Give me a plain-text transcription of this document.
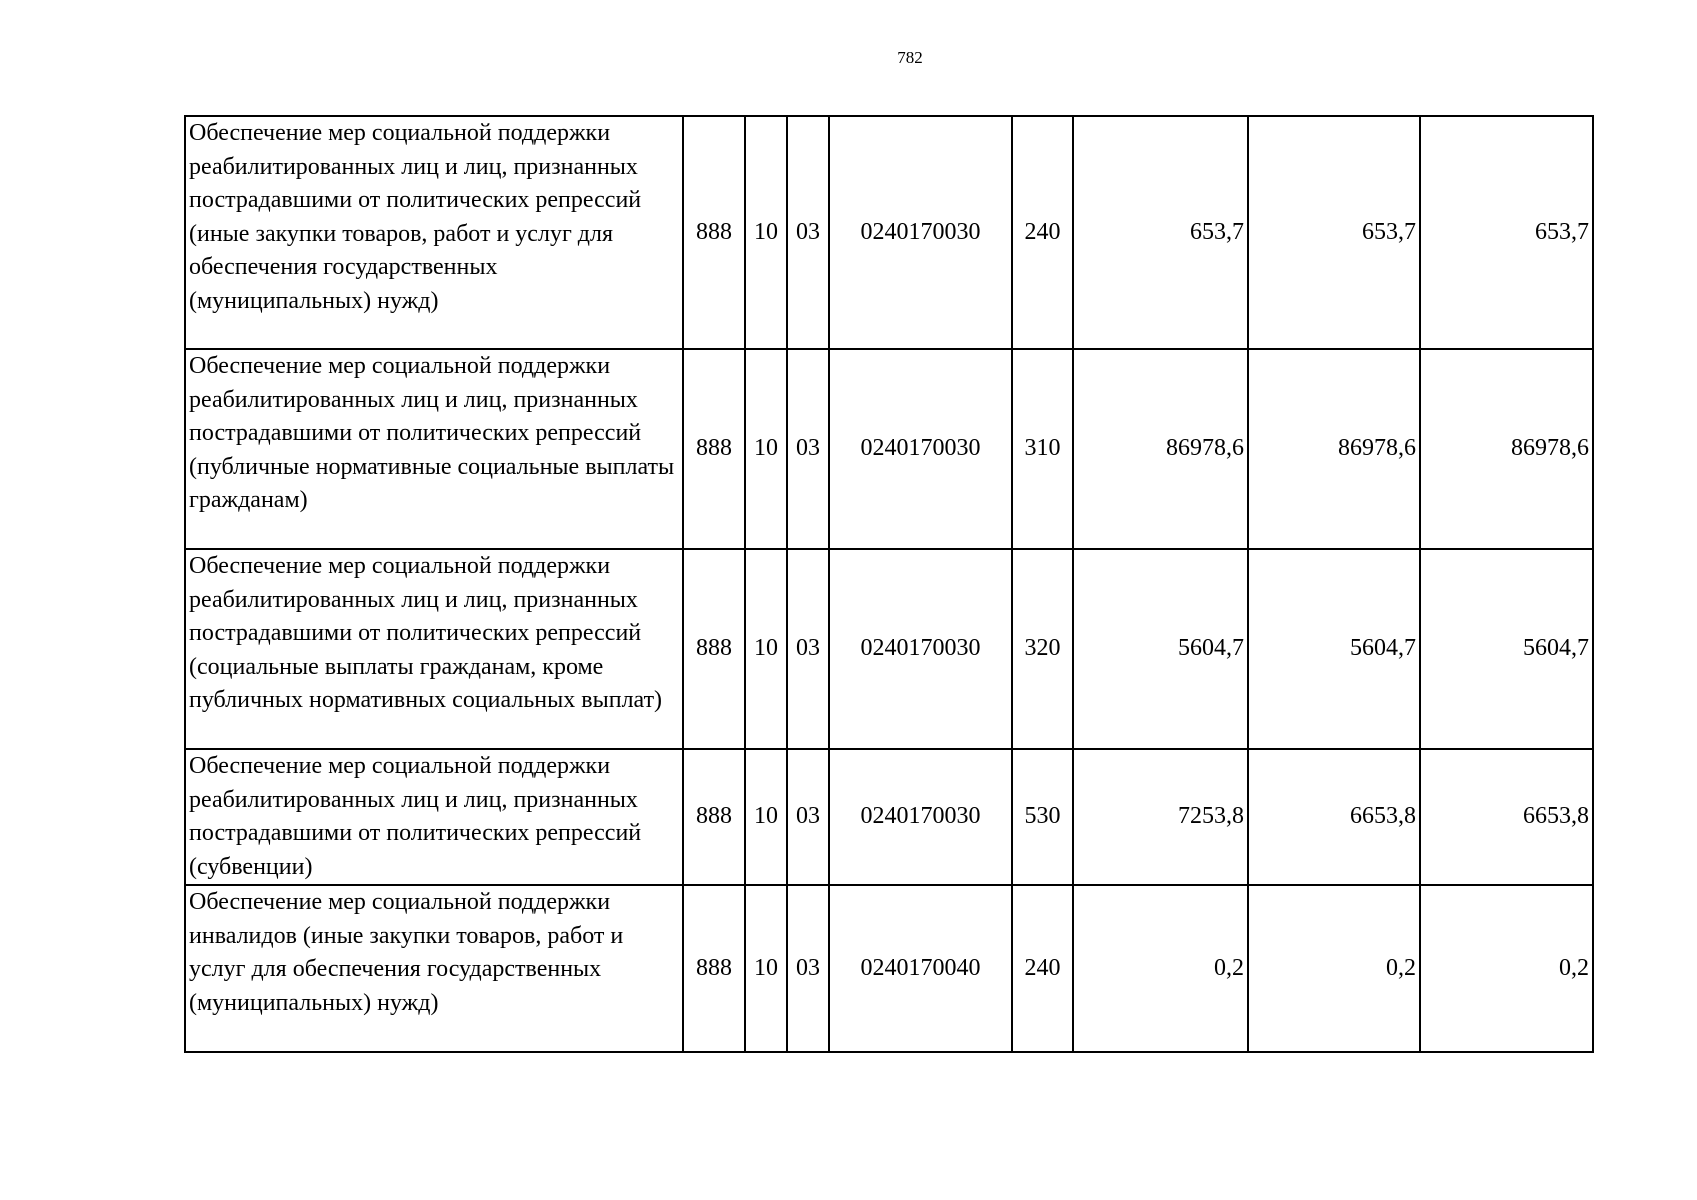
782
Обеспечение мер социальной поддержки реабилитированных лиц и лиц, признанных пострадавшими от политических репрессий (иные закупки товаров, работ и услуг для обеспечения государственных (муниципальных) нужд)	888	10	03	0240170030	240	653,7	653,7	653,7
Обеспечение мер социальной поддержки реабилитированных лиц и лиц, признанных пострадавшими от политических репрессий (публичные нормативные социальные выплаты гражданам)	888	10	03	0240170030	310	86978,6	86978,6	86978,6
Обеспечение мер социальной поддержки реабилитированных лиц и лиц, признанных пострадавшими от политических репрессий (социальные выплаты гражданам, кроме публичных нормативных социальных выплат)	888	10	03	0240170030	320	5604,7	5604,7	5604,7
Обеспечение мер социальной поддержки реабилитированных лиц и лиц, признанных пострадавшими от политических репрессий (субвенции)	888	10	03	0240170030	530	7253,8	6653,8	6653,8
Обеспечение мер социальной поддержки инвалидов (иные закупки товаров, работ и услуг для обеспечения государственных (муниципальных) нужд)	888	10	03	0240170040	240	0,2	0,2	0,2
